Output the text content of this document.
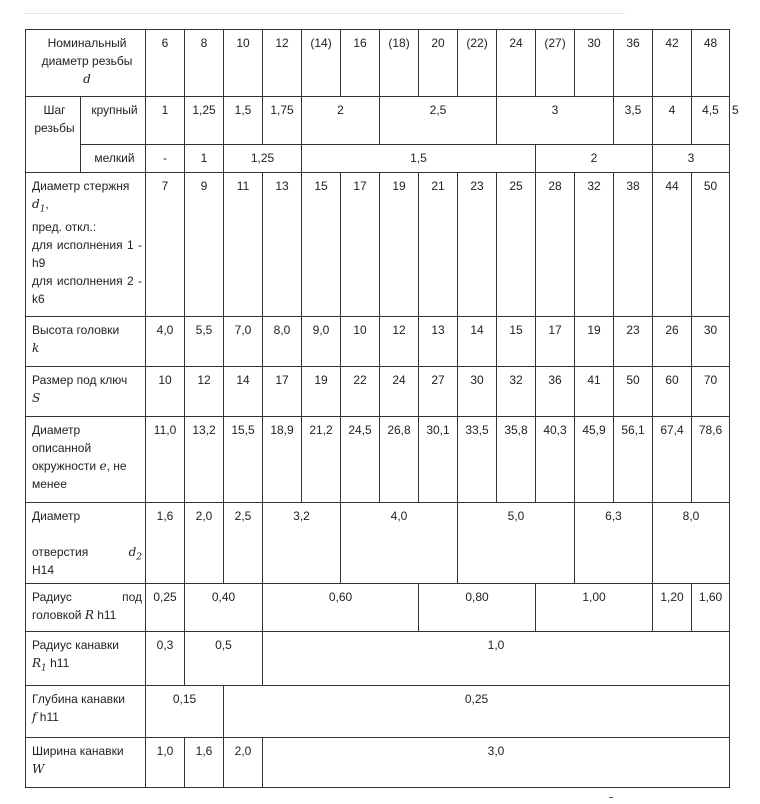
Номинальный диаметр резьбы
d		6	8	10	12	(14)	16	(18)	20	(22)	24	(27)	30	36	42	48	
Шаг резьбы	крупный	1	1,25	1,5	1,75	2		2,5			3			3,5	4	4,5	5
	мелкий	-	1	1,25		1,5						2			3		
Диаметр стержня
$d_1$,
пред. откл.:
для исполнения 1 - h9
для исполнения 2 - k6		7	9	11	13	15	17	19	21	23	25	28	32	38	44	50	
Высота головки
k		4,0	5,5	7,0	8,0	9,0	10	12	13	14	15	17	19	23	26	30	
Размер под ключ
S		10	12	14	17	19	22	24	27	30	32	36	41	50	60	70	
Диаметр описанной окружности e, не менее		11,0	13,2	15,5	18,9	21,2	24,5	26,8	30,1	33,5	35,8	40,3	45,9	56,1	67,4	78,6	
Диаметр

отверстия $d_2$

H14		1,6	2,0	2,5	3,2		4,0			5,0			6,3		8,0		
Радиус под головкой R h11		0,25	0,40		0,60				0,80			1,00			1,20	1,60	
Радиус канавки
$R_1$ h11		0,3	0,5		1,0												
Глубина канавки
f h11		0,15		0,25													
Ширина канавки
W		1,0	1,6	2,0	3,0												
